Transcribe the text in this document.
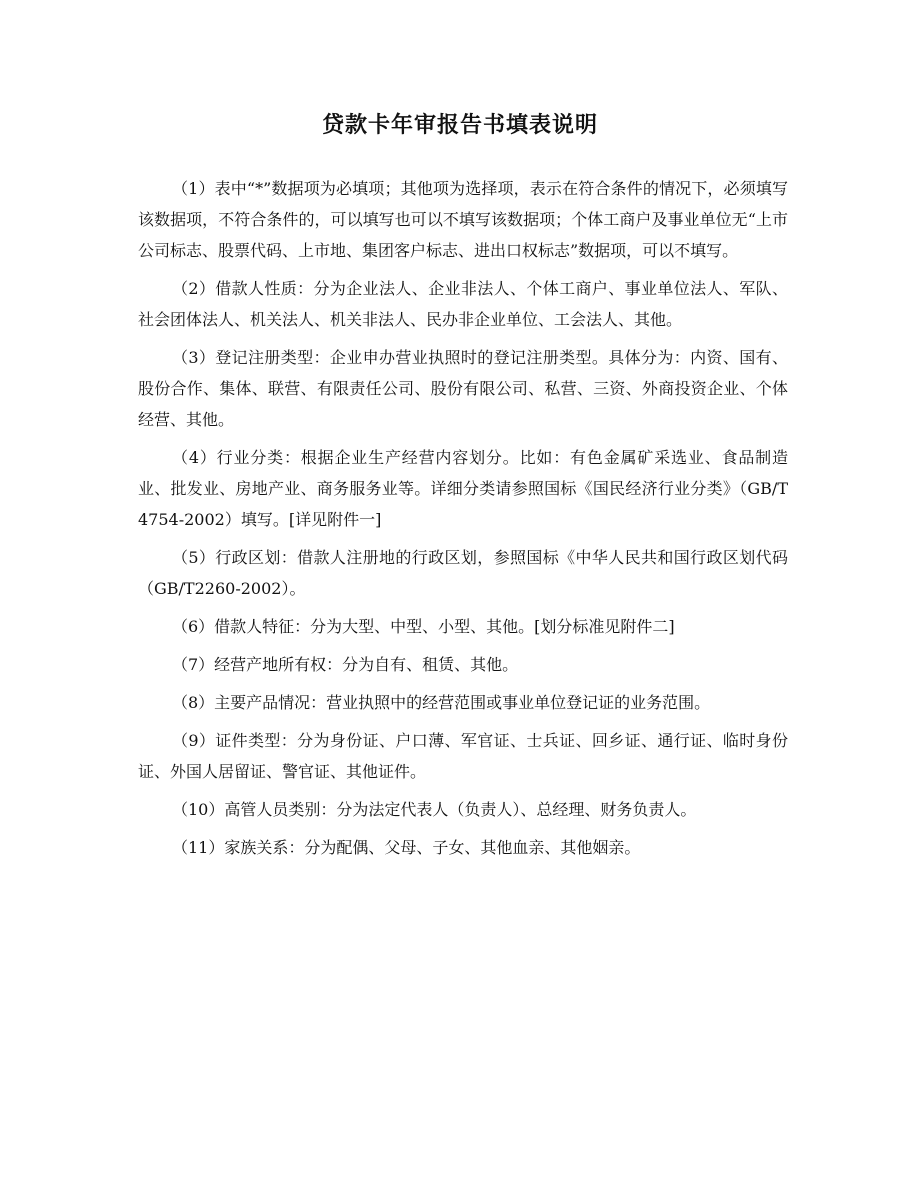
贷款卡年审报告书填表说明

（1）表中“*”数据项为必填项；其他项为选择项，表示在符合条件的情况下，必须填写该数据项，不符合条件的，可以填写也可以不填写该数据项；个体工商户及事业单位无“上市公司标志、股票代码、上市地、集团客户标志、进出口权标志”数据项，可以不填写。

（2）借款人性质：分为企业法人、企业非法人、个体工商户、事业单位法人、军队、社会团体法人、机关法人、机关非法人、民办非企业单位、工会法人、其他。

（3）登记注册类型：企业申办营业执照时的登记注册类型。具体分为：内资、国有、股份合作、集体、联营、有限责任公司、股份有限公司、私营、三资、外商投资企业、个体经营、其他。

（4）行业分类：根据企业生产经营内容划分。比如：有色金属矿采选业、食品制造业、批发业、房地产业、商务服务业等。详细分类请参照国标《国民经济行业分类》（GB/T4754-2002）填写。[详见附件一]

（5）行政区划：借款人注册地的行政区划，参照国标《中华人民共和国行政区划代码（GB/T2260-2002）。

（6）借款人特征：分为大型、中型、小型、其他。[划分标准见附件二]

（7）经营产地所有权：分为自有、租赁、其他。

（8）主要产品情况：营业执照中的经营范围或事业单位登记证的业务范围。

（9）证件类型：分为身份证、户口薄、军官证、士兵证、回乡证、通行证、临时身份证、外国人居留证、警官证、其他证件。

（10）高管人员类别：分为法定代表人（负责人）、总经理、财务负责人。

（11）家族关系：分为配偶、父母、子女、其他血亲、其他姻亲。
